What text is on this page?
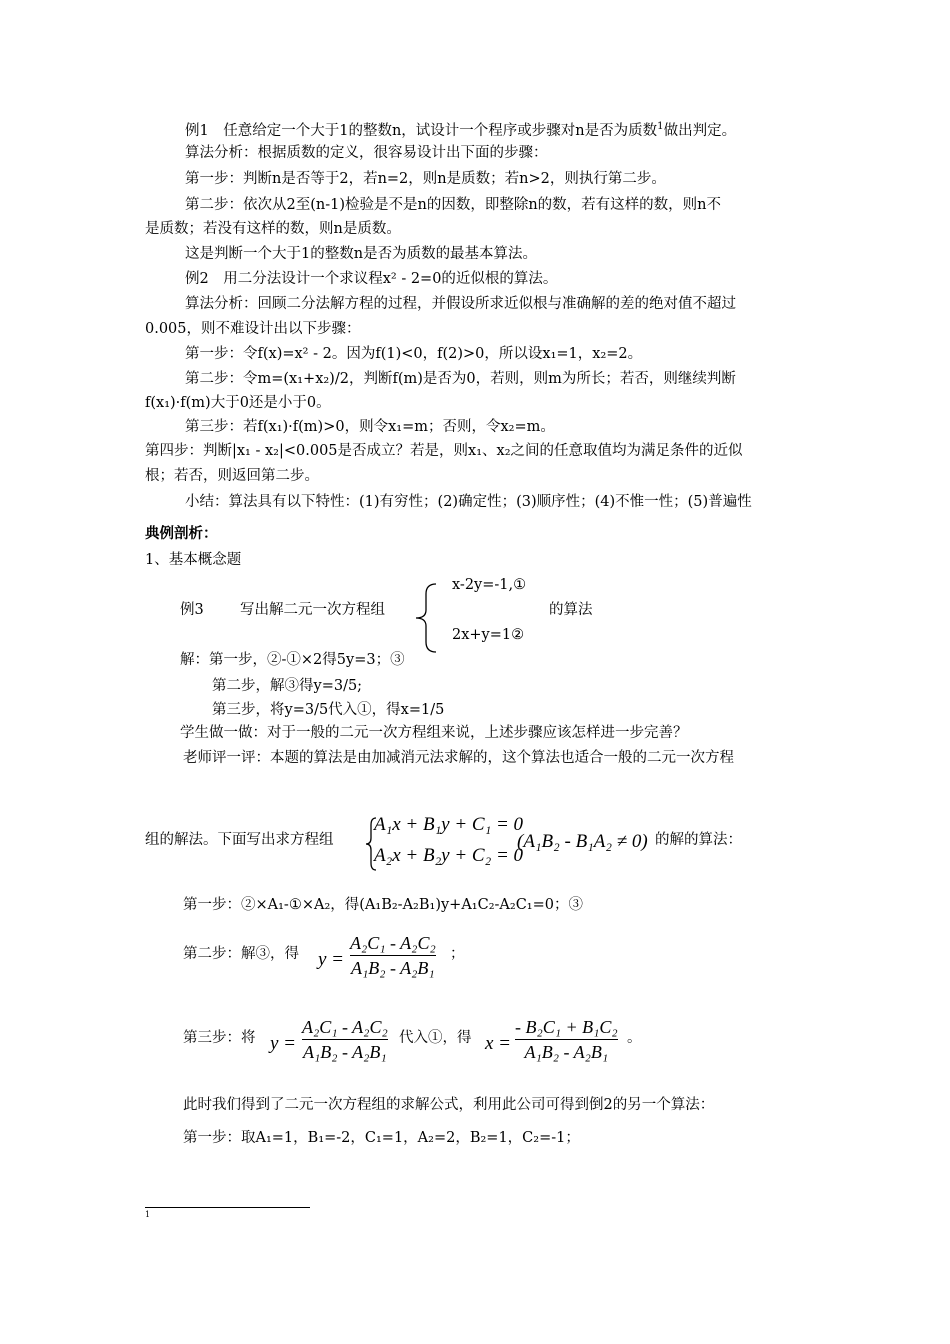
例1　任意给定一个大于1的整数n，试设计一个程序或步骤对n是否为质数$^1$做出判定。
算法分析：根据质数的定义，很容易设计出下面的步骤：
第一步：判断n是否等于2，若n=2，则n是质数；若n>2，则执行第二步。
第二步：依次从2至(n-1)检验是不是n的因数，即整除n的数，若有这样的数，则n不
是质数；若没有这样的数，则n是质数。
这是判断一个大于1的整数n是否为质数的最基本算法。
例2　用二分法设计一个求议程x² - 2=0的近似根的算法。
算法分析：回顾二分法解方程的过程，并假设所求近似根与准确解的差的绝对值不超过
0.005，则不难设计出以下步骤：
第一步：令f(x)=x² - 2。因为f(1)<0，f(2)>0，所以设x₁=1，x₂=2。
第二步：令m=(x₁+x₂)/2，判断f(m)是否为0，若则，则m为所长；若否，则继续判断
f(x₁)·f(m)大于0还是小于0。
第三步：若f(x₁)·f(m)>0，则令x₁=m；否则，令x₂=m。
第四步：判断|x₁ - x₂|<0.005是否成立？若是，则x₁、x₂之间的任意取值均为满足条件的近似
根；若否，则返回第二步。
小结：算法具有以下特性：(1)有穷性；(2)确定性；(3)顺序性；(4)不惟一性；(5)普遍性
典例剖析：
1、基本概念题
例3	写出解二元一次方程组
x-2y=-1,①
2x+y=1②
的算法
解：第一步，②-①×2得5y=3；③
第二步，解③得y=3/5;
第三步，将y=3/5代入①，得x=1/5
学生做一做：对于一般的二元一次方程组来说，上述步骤应该怎样进一步完善？
老师评一评：本题的算法是由加减消元法求解的，这个算法也适合一般的二元一次方程
组的解法。下面写出求方程组
A₁x + B₁y + C₁ = 0
A₂x + B₂y + C₂ = 0
(A₁B₂ - B₁A₂ ≠ 0) 的解的算法：
第一步：②×A₁-①×A₂，得(A₁B₂-A₂B₁)y+A₁C₂-A₂C₁=0；③
第二步：解③，得 y =
A₂C₁ - A₂C₂
A₁B₂ - A₂B₁
；
第三步：将 y =
A₂C₁ - A₂C₂
A₁B₂ - A₂B₁
代入①，得 x =
- B₂C₁ + B₁C₂
A₁B₂ - A₂B₁
。
此时我们得到了二元一次方程组的求解公式，利用此公司可得到倒2的另一个算法：
第一步：取A₁=1，B₁=-2，C₁=1，A₂=2，B₂=1，C₂=-1；
1
